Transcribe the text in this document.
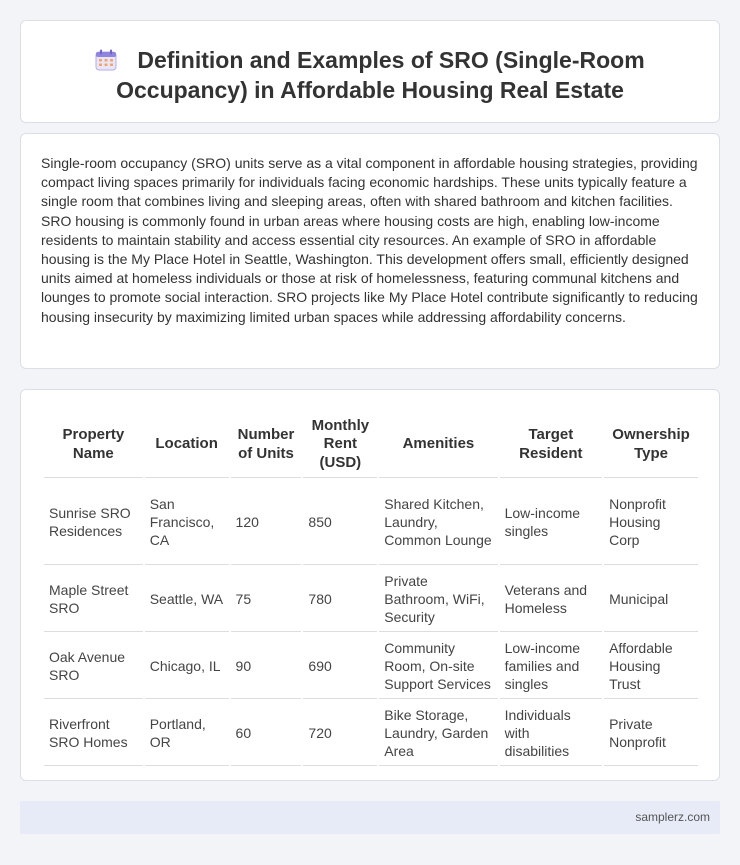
Definition and Examples of SRO (Single-Room Occupancy) in Affordable Housing Real Estate

Single-room occupancy (SRO) units serve as a vital component in affordable housing strategies, providing compact living spaces primarily for individuals facing economic hardships. These units typically feature a single room that combines living and sleeping areas, often with shared bathroom and kitchen facilities. SRO housing is commonly found in urban areas where housing costs are high, enabling low-income residents to maintain stability and access essential city resources. An example of SRO in affordable housing is the My Place Hotel in Seattle, Washington. This development offers small, efficiently designed units aimed at homeless individuals or those at risk of homelessness, featuring communal kitchens and lounges to promote social interaction. SRO projects like My Place Hotel contribute significantly to reducing housing insecurity by maximizing limited urban spaces while addressing affordability concerns.

Property Name	Location	Number of Units	Monthly Rent (USD)	Amenities	Target Resident	Ownership Type
Sunrise SRO Residences	San Francisco, CA	120	850	Shared Kitchen, Laundry, Common Lounge	Low-income singles	Nonprofit Housing Corp
Maple Street SRO	Seattle, WA	75	780	Private Bathroom, WiFi, Security	Veterans and Homeless	Municipal
Oak Avenue SRO	Chicago, IL	90	690	Community Room, On-site Support Services	Low-income families and singles	Affordable Housing Trust
Riverfront SRO Homes	Portland, OR	60	720	Bike Storage, Laundry, Garden Area	Individuals with disabilities	Private Nonprofit
samplerz.com
